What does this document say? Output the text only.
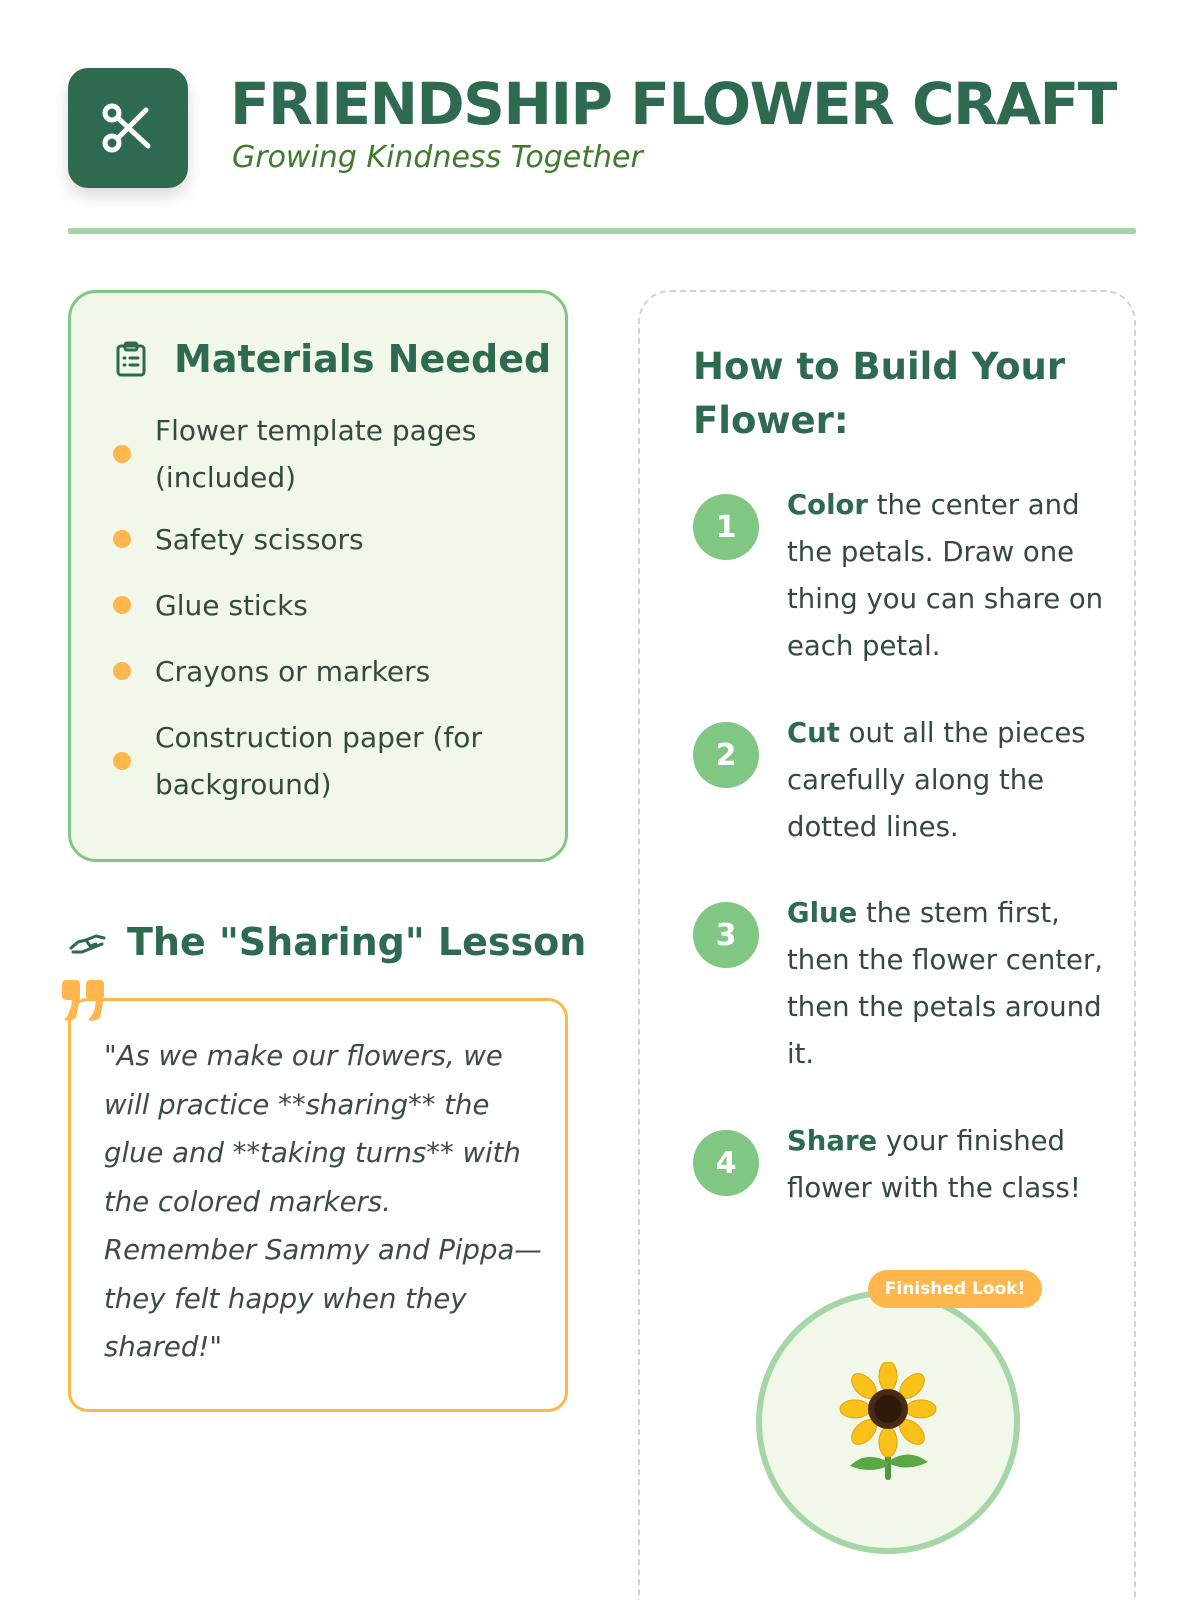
FRIENDSHIP FLOWER CRAFT
Growing Kindness Together
Materials Needed
Flower template pages (included)
Safety scissors
Glue sticks
Crayons or markers
Construction paper (for background)
The "Sharing" Lesson
"As we make our flowers, we will practice **sharing** the glue and **taking turns** with the colored markers. Remember Sammy and Pippa—they felt happy when they shared!"
How to Build Your Flower:
1
Color the center and the petals. Draw one thing you can share on each petal.
2
Cut out all the pieces carefully along the dotted lines.
3
Glue the stem first, then the flower center, then the petals around it.
4
Share your finished flower with the class!
Finished Look!
